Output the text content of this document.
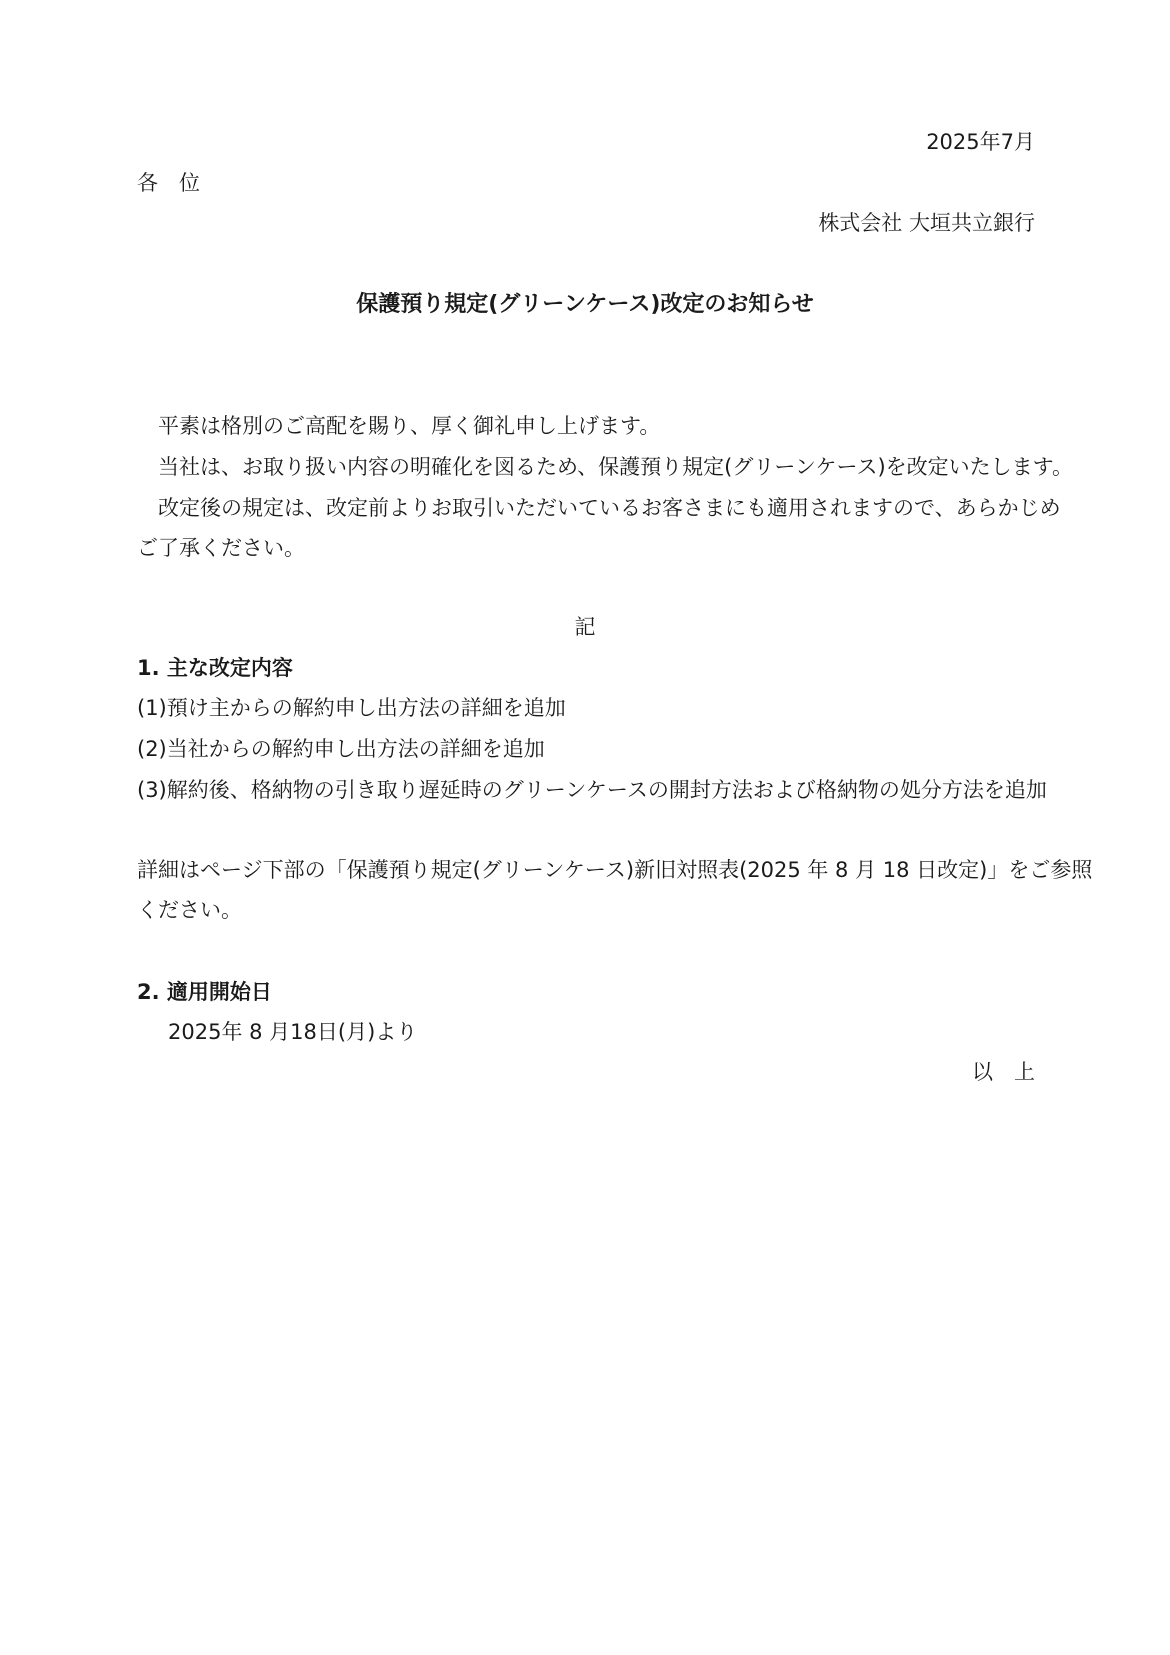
2025年7月

各　位

株式会社 大垣共立銀行

保護預り規定(グリーンケース)改定のお知らせ

平素は格別のご高配を賜り、厚く御礼申し上げます。

当社は、お取り扱い内容の明確化を図るため、保護預り規定(グリーンケース)を改定いたします。

改定後の規定は、改定前よりお取引いただいているお客さまにも適用されますので、あらかじめ

ご了承ください。

記

1. 主な改定内容

(1)預け主からの解約申し出方法の詳細を追加

(2)当社からの解約申し出方法の詳細を追加

(3)解約後、格納物の引き取り遅延時のグリーンケースの開封方法および格納物の処分方法を追加

詳細はページ下部の「保護預り規定(グリーンケース)新旧対照表(2025 年 8 月 18 日改定)」をご参照

ください。

2. 適用開始日

2025年 8 月18日(月)より

以　上
